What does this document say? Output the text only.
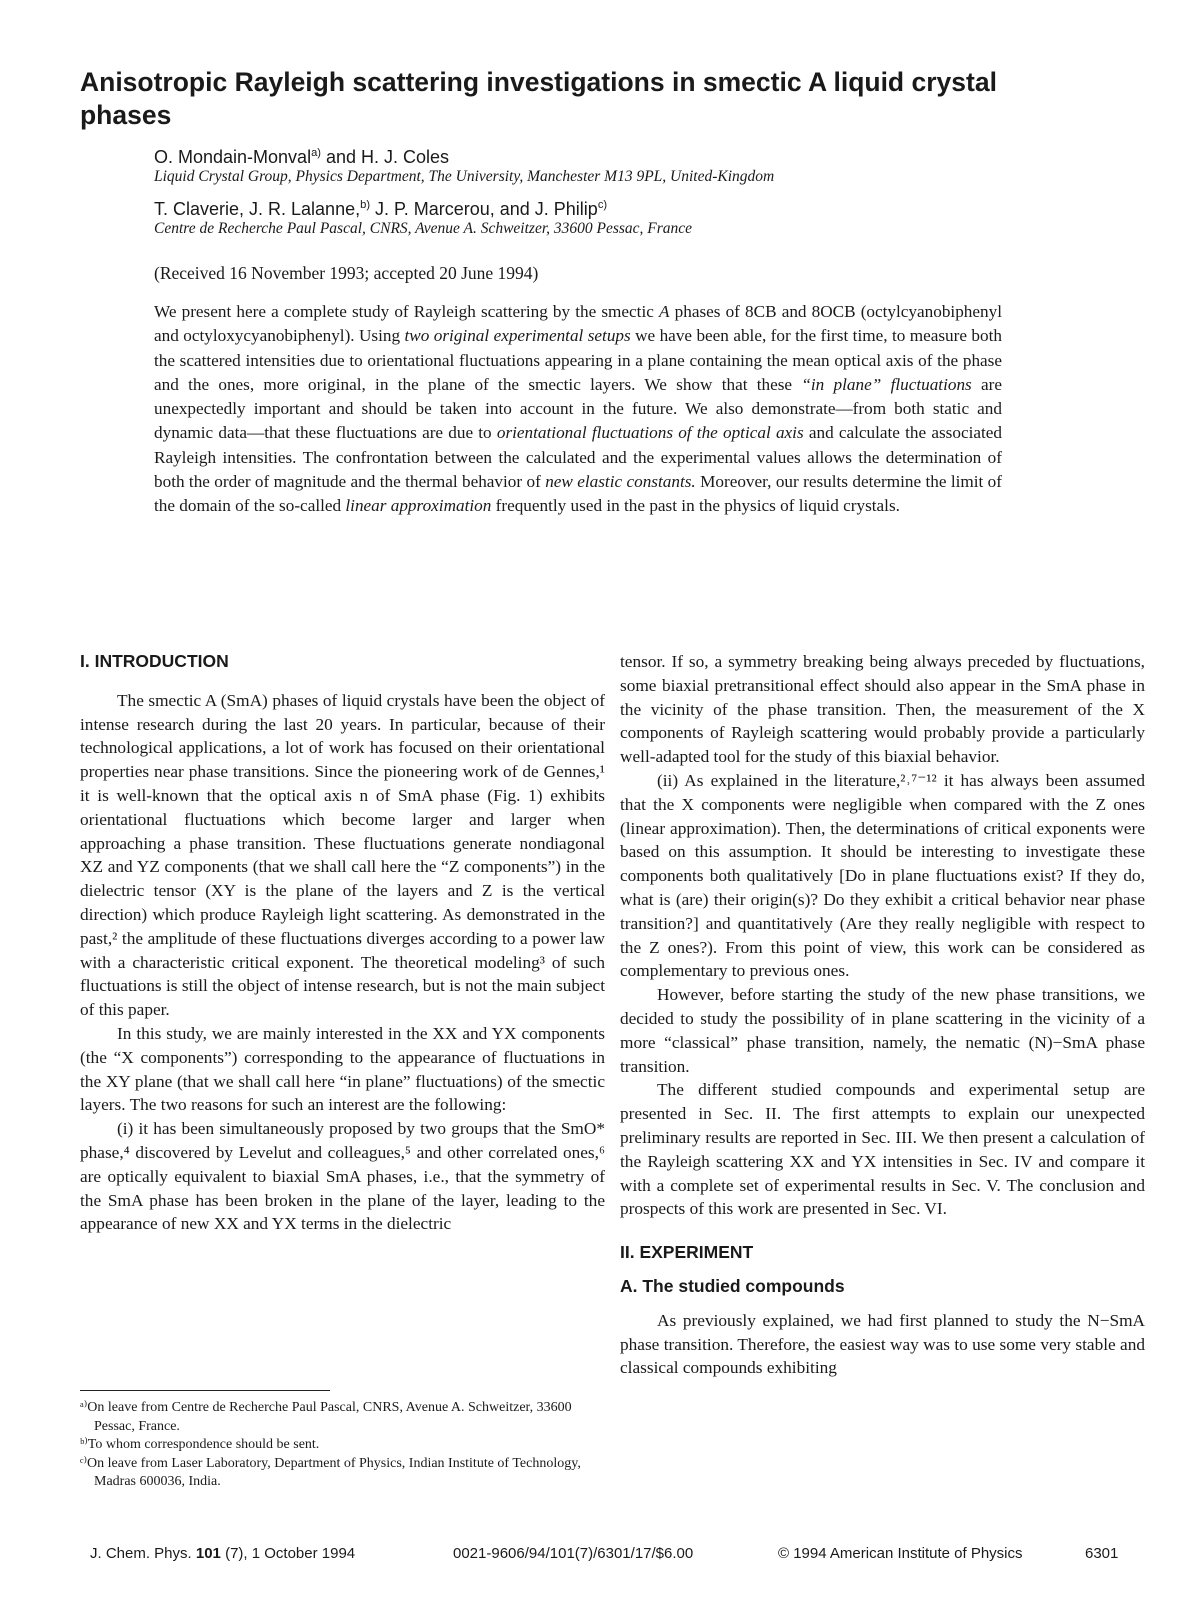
Anisotropic Rayleigh scattering investigations in smectic A liquid crystal phases
O. Mondain-Monval$^{a)}$ and H. J. Coles
Liquid Crystal Group, Physics Department, The University, Manchester M13 9PL, United-Kingdom
T. Claverie, J. R. Lalanne,$^{b)}$ J. P. Marcerou, and J. Philip$^{c)}$
Centre de Recherche Paul Pascal, CNRS, Avenue A. Schweitzer, 33600 Pessac, France
(Received 16 November 1993; accepted 20 June 1994)

We present here a complete study of Rayleigh scattering by the smectic A phases of 8CB and 8OCB (octylcyanobiphenyl and octyloxycyanobiphenyl). Using two original experimental setups we have been able, for the first time, to measure both the scattered intensities due to orientational fluctuations appearing in a plane containing the mean optical axis of the phase and the ones, more original, in the plane of the smectic layers. We show that these “in plane” fluctuations are unexpectedly important and should be taken into account in the future. We also demonstrate—from both static and dynamic data—that these fluctuations are due to orientational fluctuations of the optical axis and calculate the associated Rayleigh intensities. The confrontation between the calculated and the experimental values allows the determination of both the order of magnitude and the thermal behavior of new elastic constants. Moreover, our results determine the limit of the domain of the so-called linear approximation frequently used in the past in the physics of liquid crystals.

I. INTRODUCTION

The smectic A (SmA) phases of liquid crystals have been the object of intense research during the last 20 years. In particular, because of their technological applications, a lot of work has focused on their orientational properties near phase transitions. Since the pioneering work of de Gennes,¹ it is well-known that the optical axis n of SmA phase (Fig. 1) exhibits orientational fluctuations which become larger and larger when approaching a phase transition. These fluctuations generate nondiagonal XZ and YZ components (that we shall call here the “Z components”) in the dielectric tensor (XY is the plane of the layers and Z is the vertical direction) which produce Rayleigh light scattering. As demonstrated in the past,² the amplitude of these fluctuations diverges according to a power law with a characteristic critical exponent. The theoretical modeling³ of such fluctuations is still the object of intense research, but is not the main subject of this paper.

In this study, we are mainly interested in the XX and YX components (the “X components”) corresponding to the appearance of fluctuations in the XY plane (that we shall call here “in plane” fluctuations) of the smectic layers. The two reasons for such an interest are the following:

(i) it has been simultaneously proposed by two groups that the SmO* phase,⁴ discovered by Levelut and colleagues,⁵ and other correlated ones,⁶ are optically equivalent to biaxial SmA phases, i.e., that the symmetry of the SmA phase has been broken in the plane of the layer, leading to the appearance of new XX and YX terms in the dielectric

ᵃ⁾On leave from Centre de Recherche Paul Pascal, CNRS, Avenue A. Schweitzer, 33600 Pessac, France.
ᵇ⁾To whom correspondence should be sent.
ᶜ⁾On leave from Laser Laboratory, Department of Physics, Indian Institute of Technology, Madras 600036, India.

tensor. If so, a symmetry breaking being always preceded by fluctuations, some biaxial pretransitional effect should also appear in the SmA phase in the vicinity of the phase transition. Then, the measurement of the X components of Rayleigh scattering would probably provide a particularly well-adapted tool for the study of this biaxial behavior.

(ii) As explained in the literature,²˒⁷⁻¹² it has always been assumed that the X components were negligible when compared with the Z ones (linear approximation). Then, the determinations of critical exponents were based on this assumption. It should be interesting to investigate these components both qualitatively [Do in plane fluctuations exist? If they do, what is (are) their origin(s)? Do they exhibit a critical behavior near phase transition?] and quantitatively (Are they really negligible with respect to the Z ones?). From this point of view, this work can be considered as complementary to previous ones.

However, before starting the study of the new phase transitions, we decided to study the possibility of in plane scattering in the vicinity of a more “classical” phase transition, namely, the nematic (N)−SmA phase transition.

The different studied compounds and experimental setup are presented in Sec. II. The first attempts to explain our unexpected preliminary results are reported in Sec. III. We then present a calculation of the Rayleigh scattering XX and YX intensities in Sec. IV and compare it with a complete set of experimental results in Sec. V. The conclusion and prospects of this work are presented in Sec. VI.

II. EXPERIMENT
A. The studied compounds

As previously explained, we had first planned to study the N−SmA phase transition. Therefore, the easiest way was to use some very stable and classical compounds exhibiting

J. Chem. Phys. 101 (7), 1 October 1994	0021-9606/94/101(7)/6301/17/$6.00	© 1994 American Institute of Physics	6301
